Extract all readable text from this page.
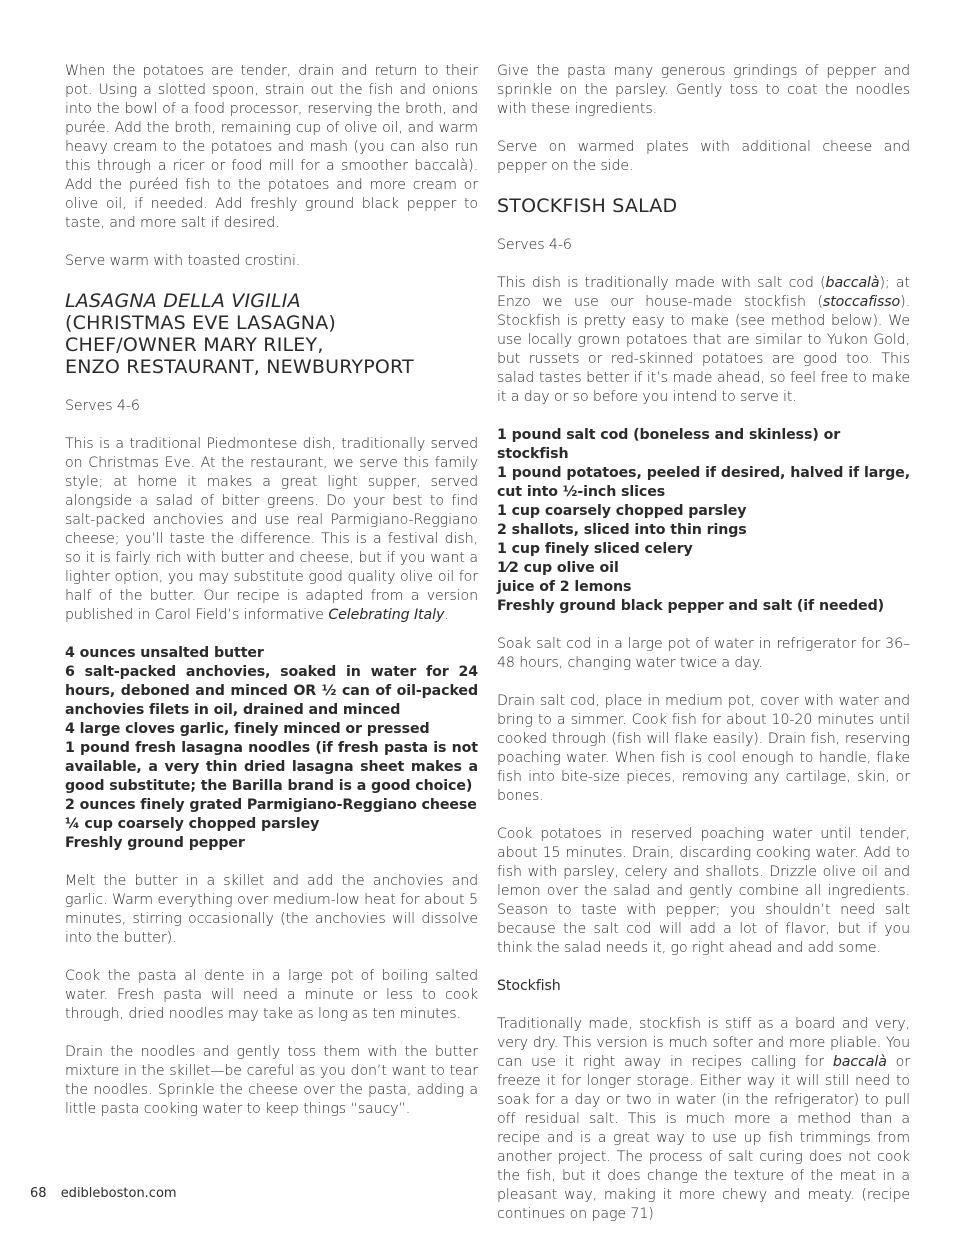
When the potatoes are tender, drain and return to their pot. Using a slotted spoon, strain out the fish and onions into the bowl of a food processor, reserving the broth, and purée. Add the broth, remaining cup of olive oil, and warm heavy cream to the potatoes and mash (you can also run this through a ricer or food mill for a smoother baccalà). Add the puréed fish to the potatoes and more cream or olive oil, if needed. Add freshly ground black pepper to taste, and more salt if desired.

Serve warm with toasted crostini.

LASAGNA DELLA VIGILIA
(CHRISTMAS EVE LASAGNA)
CHEF/OWNER MARY RILEY,
ENZO RESTAURANT, NEWBURYPORT

Serves 4-6

This is a traditional Piedmontese dish, traditionally served on Christmas Eve. At the restaurant, we serve this family style; at home it makes a great light supper, served alongside a salad of bitter greens. Do your best to find salt-packed anchovies and use real Parmigiano-Reggiano cheese; you’ll taste the difference. This is a festival dish, so it is fairly rich with butter and cheese, but if you want a lighter option, you may substitute good quality olive oil for half of the butter. Our recipe is adapted from a version published in Carol Field’s informative Celebrating Italy.

4 ounces unsalted butter

6 salt-packed anchovies, soaked in water for 24 hours, deboned and minced OR ½ can of oil-packed anchovies filets in oil, drained and minced

4 large cloves garlic, finely minced or pressed

1 pound fresh lasagna noodles (if fresh pasta is not available, a very thin dried lasagna sheet makes a good substitute; the Barilla brand is a good choice)

2 ounces finely grated Parmigiano-Reggiano cheese

¼ cup coarsely chopped parsley

Freshly ground pepper

Melt the butter in a skillet and add the anchovies and garlic. Warm everything over medium-low heat for about 5 minutes, stirring occasionally (the anchovies will dissolve into the butter).

Cook the pasta al dente in a large pot of boiling salted water. Fresh pasta will need a minute or less to cook through, dried noodles may take as long as ten minutes.

Drain the noodles and gently toss them with the butter mixture in the skillet—be careful as you don’t want to tear the noodles. Sprinkle the cheese over the pasta, adding a little pasta cooking water to keep things “saucy”.

Give the pasta many generous grindings of pepper and sprinkle on the parsley. Gently toss to coat the noodles with these ingredients.

Serve on warmed plates with additional cheese and pepper on the side.

STOCKFISH SALAD

Serves 4-6

This dish is traditionally made with salt cod (baccalà); at Enzo we use our house-made stockfish (stoccafisso). Stockfish is pretty easy to make (see method below). We use locally grown potatoes that are similar to Yukon Gold, but russets or red-skinned potatoes are good too. This salad tastes better if it’s made ahead, so feel free to make it a day or so before you intend to serve it.

1 pound salt cod (boneless and skinless) or stockfish

1 pound potatoes, peeled if desired, halved if large, cut into ½-inch slices

1 cup coarsely chopped parsley

2 shallots, sliced into thin rings

1 cup finely sliced celery

1⁄2 cup olive oil

juice of 2 lemons

Freshly ground black pepper and salt (if needed)

Soak salt cod in a large pot of water in refrigerator for 36–48 hours, changing water twice a day.

Drain salt cod, place in medium pot, cover with water and bring to a simmer. Cook fish for about 10-20 minutes until cooked through (fish will flake easily). Drain fish, reserving poaching water. When fish is cool enough to handle, flake fish into bite-size pieces, removing any cartilage, skin, or bones.

Cook potatoes in reserved poaching water until tender, about 15 minutes. Drain, discarding cooking water. Add to fish with parsley, celery and shallots. Drizzle olive oil and lemon over the salad and gently combine all ingredients. Season to taste with pepper; you shouldn’t need salt because the salt cod will add a lot of flavor, but if you think the salad needs it, go right ahead and add some.

Stockfish

Traditionally made, stockfish is stiff as a board and very, very dry. This version is much softer and more pliable. You can use it right away in recipes calling for baccalà or freeze it for longer storage. Either way it will still need to soak for a day or two in water (in the refrigerator) to pull off residual salt. This is much more a method than a recipe and is a great way to use up fish trimmings from another project. The process of salt curing does not cook the fish, but it does change the texture of the meat in a pleasant way, making it more chewy and meaty. (recipe continues on page 71)

68 edibleboston.com
